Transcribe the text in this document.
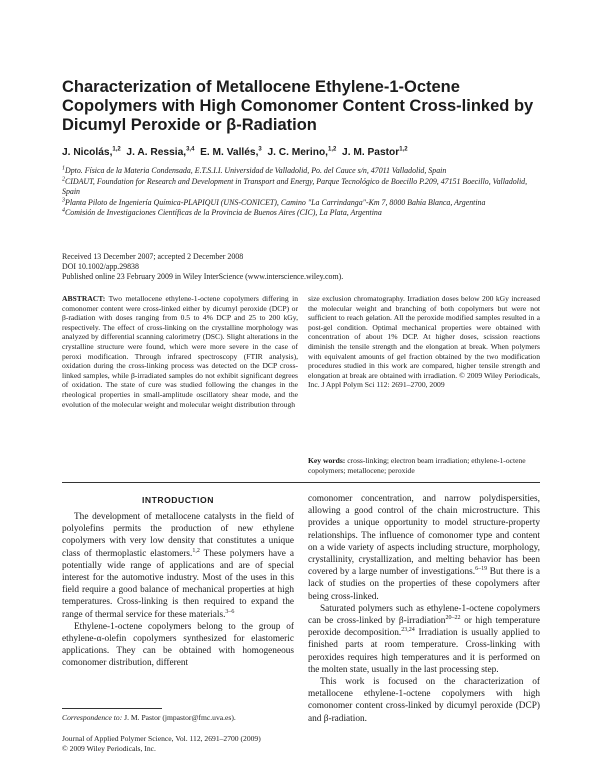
Characterization of Metallocene Ethylene-1-Octene Copolymers with High Comonomer Content Cross-linked by Dicumyl Peroxide or β-Radiation
J. Nicolás,$^{1,2}$ J. A. Ressia,$^{3,4}$ E. M. Vallés,$^3$ J. C. Merino,$^{1,2}$ J. M. Pastor$^{1,2}$
$^1$Dpto. Física de la Materia Condensada, E.T.S.I.I. Universidad de Valladolid, Po. del Cauce s/n, 47011 Valladolid, Spain
$^2$CIDAUT, Foundation for Research and Development in Transport and Energy, Parque Tecnológico de Boecillo P.209, 47151 Boecillo, Valladolid, Spain
$^3$Planta Piloto de Ingeniería Química-PLAPIQUI (UNS-CONICET), Camino "La Carrindanga"-Km 7, 8000 Bahía Blanca, Argentina
$^4$Comisión de Investigaciones Científicas de la Provincia de Buenos Aires (CIC), La Plata, Argentina
Received 13 December 2007; accepted 2 December 2008
DOI 10.1002/app.29838
Published online 23 February 2009 in Wiley InterScience (www.interscience.wiley.com).
ABSTRACT: Two metallocene ethylene-1-octene copolymers differing in comonomer content were cross-linked either by dicumyl peroxide (DCP) or β-radiation with doses ranging from 0.5 to 4% DCP and 25 to 200 kGy, respectively. The effect of cross-linking on the crystalline morphology was analyzed by differential scanning calorimetry (DSC). Slight alterations in the crystalline structure were found, which were more severe in the case of peroxi modification. Through infrared spectroscopy (FTIR analysis), oxidation during the cross-linking process was detected on the DCP cross-linked samples, while β-irradiated samples do not exhibit significant degrees of oxidation. The state of cure was studied following the changes in the rheological properties in small-amplitude oscillatory shear mode, and the evolution of the molecular weight and molecular weight distribution through
size exclusion chromatography. Irradiation doses below 200 kGy increased the molecular weight and branching of both copolymers but were not sufficient to reach gelation. All the peroxide modified samples resulted in a post-gel condition. Optimal mechanical properties were obtained with concentration of about 1% DCP. At higher doses, scission reactions diminish the tensile strength and the elongation at break. When polymers with equivalent amounts of gel fraction obtained by the two modification procedures studied in this work are compared, higher tensile strength and elongation at break are obtained with irradiation. © 2009 Wiley Periodicals, Inc. J Appl Polym Sci 112: 2691–2700, 2009
Key words: cross-linking; electron beam irradiation; ethylene-1-octene copolymers; metallocene; peroxide
INTRODUCTION
The development of metallocene catalysts in the field of polyolefins permits the production of new ethylene copolymers with very low density that constitutes a unique class of thermoplastic elastomers.$^{1,2}$ These polymers have a potentially wide range of applications and are of special interest for the automotive industry. Most of the uses in this field require a good balance of mechanical properties at high temperatures. Cross-linking is then required to expand the range of thermal service for these materials.$^{3-6}$
Ethylene-1-octene copolymers belong to the group of ethylene-α-olefin copolymers synthesized for elastomeric applications. They can be obtained with homogeneous comonomer distribution, different
comonomer concentration, and narrow polydispersities, allowing a good control of the chain microstructure. This provides a unique opportunity to model structure-property relationships. The influence of comonomer type and content on a wide variety of aspects including structure, morphology, crystallinity, crystallization, and melting behavior has been covered by a large number of investigations.$^{6-19}$ But there is a lack of studies on the properties of these copolymers after being cross-linked.
Saturated polymers such as ethylene-1-octene copolymers can be cross-linked by β-irradiation$^{20-22}$ or high temperature peroxide decomposition.$^{23,24}$ Irradiation is usually applied to finished parts at room temperature. Cross-linking with peroxides requires high temperatures and it is performed on the molten state, usually in the last processing step.
This work is focused on the characterization of metallocene ethylene-1-octene copolymers with high comonomer content cross-linked by dicumyl peroxide (DCP) and β-radiation.
Correspondence to: J. M. Pastor (jmpastor@fmc.uva.es).
Journal of Applied Polymer Science, Vol. 112, 2691–2700 (2009)
© 2009 Wiley Periodicals, Inc.
